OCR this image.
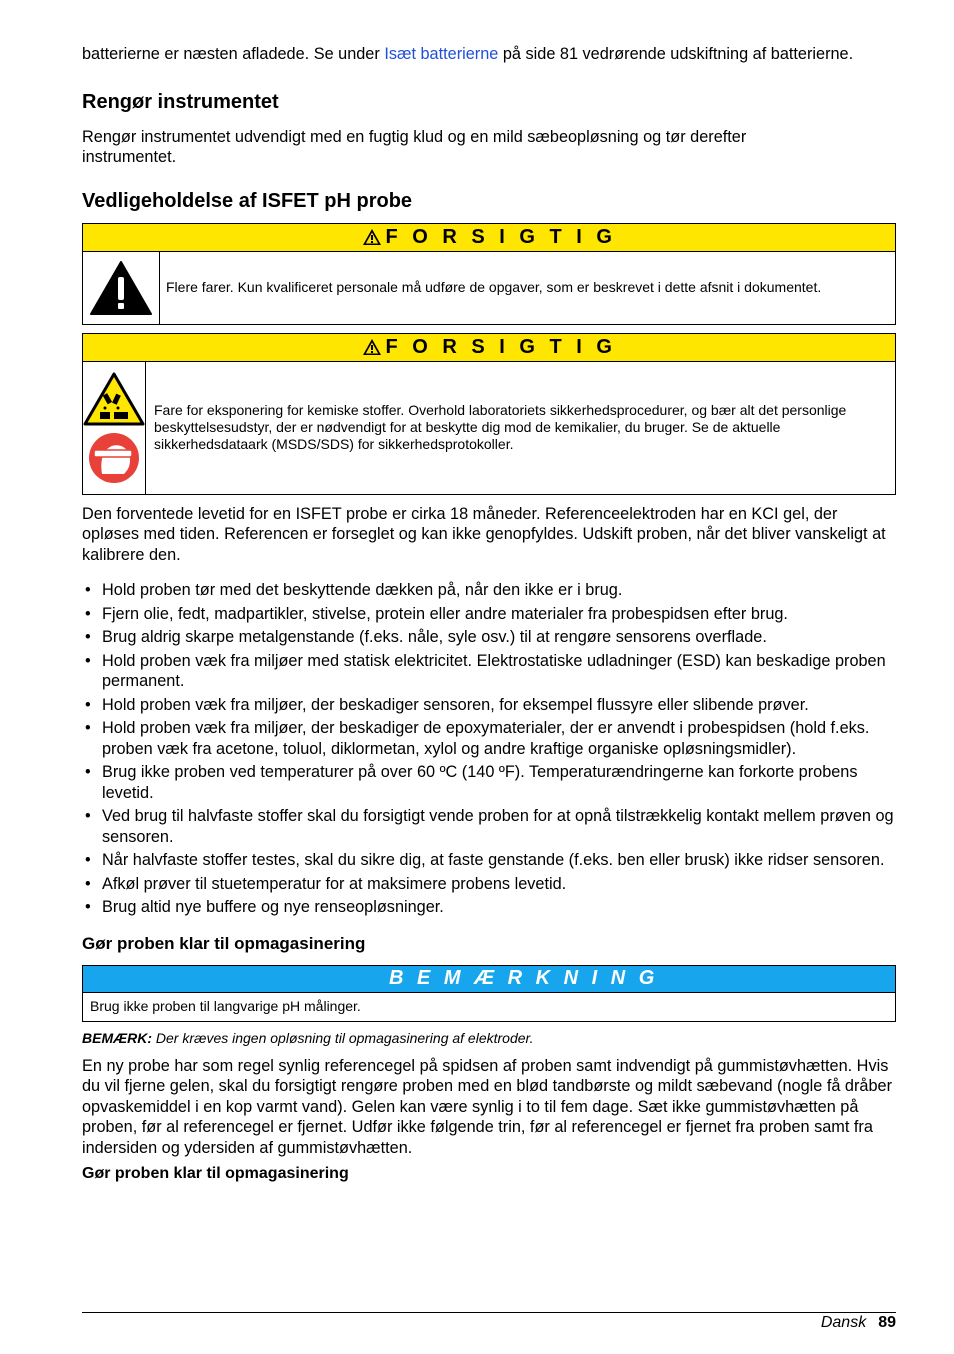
batterierne er næsten afladede. Se under Isæt batterierne på side 81 vedrørende udskiftning af batterierne.

Rengør instrumentet

Rengør instrumentet udvendigt med en fugtig klud og en mild sæbeopløsning og tør derefter instrumentet.

Vedligeholdelse af ISFET pH probe
F O R S I G T I G
Flere farer. Kun kvalificeret personale må udføre de opgaver, som er beskrevet i dette afsnit i dokumentet.
F O R S I G T I G
Fare for eksponering for kemiske stoffer. Overhold laboratoriets sikkerhedsprocedurer, og bær alt det personlige beskyttelsesudstyr, der er nødvendigt for at beskytte dig mod de kemikalier, du bruger. Se de aktuelle sikkerhedsdataark (MSDS/SDS) for sikkerhedsprotokoller.

Den forventede levetid for en ISFET probe er cirka 18 måneder. Referenceelektroden har en KCI gel, der opløses med tiden. Referencen er forseglet og kan ikke genopfyldes. Udskift proben, når det bliver vanskeligt at kalibrere den.

• Hold proben tør med det beskyttende dækken på, når den ikke er i brug.
• Fjern olie, fedt, madpartikler, stivelse, protein eller andre materialer fra probespidsen efter brug.
• Brug aldrig skarpe metalgenstande (f.eks. nåle, syle osv.) til at rengøre sensorens overflade.
• Hold proben væk fra miljøer med statisk elektricitet. Elektrostatiske udladninger (ESD) kan beskadige proben permanent.
• Hold proben væk fra miljøer, der beskadiger sensoren, for eksempel flussyre eller slibende prøver.
• Hold proben væk fra miljøer, der beskadiger de epoxymaterialer, der er anvendt i probespidsen (hold f.eks. proben væk fra acetone, toluol, diklormetan, xylol og andre kraftige organiske opløsningsmidler).
• Brug ikke proben ved temperaturer på over 60 ºC (140 ºF). Temperaturændringerne kan forkorte probens levetid.
• Ved brug til halvfaste stoffer skal du forsigtigt vende proben for at opnå tilstrækkelig kontakt mellem prøven og sensoren.
• Når halvfaste stoffer testes, skal du sikre dig, at faste genstande (f.eks. ben eller brusk) ikke ridser sensoren.
• Afkøl prøver til stuetemperatur for at maksimere probens levetid.
• Brug altid nye buffere og nye renseopløsninger.
Gør proben klar til opmagasinering
B E M Æ R K N I N G
Brug ikke proben til langvarige pH målinger.

BEMÆRK: Der kræves ingen opløsning til opmagasinering af elektroder.

En ny probe har som regel synlig referencegel på spidsen af proben samt indvendigt på gummistøvhætten. Hvis du vil fjerne gelen, skal du forsigtigt rengøre proben med en blød tandbørste og mildt sæbevand (nogle få dråber opvaskemiddel i en kop varmt vand). Gelen kan være synlig i to til fem dage. Sæt ikke gummistøvhætten på proben, før al referencegel er fjernet. Udfør ikke følgende trin, før al referencegel er fjernet fra proben samt fra indersiden og ydersiden af gummistøvhætten.

Gør proben klar til opmagasinering

Dansk 89
